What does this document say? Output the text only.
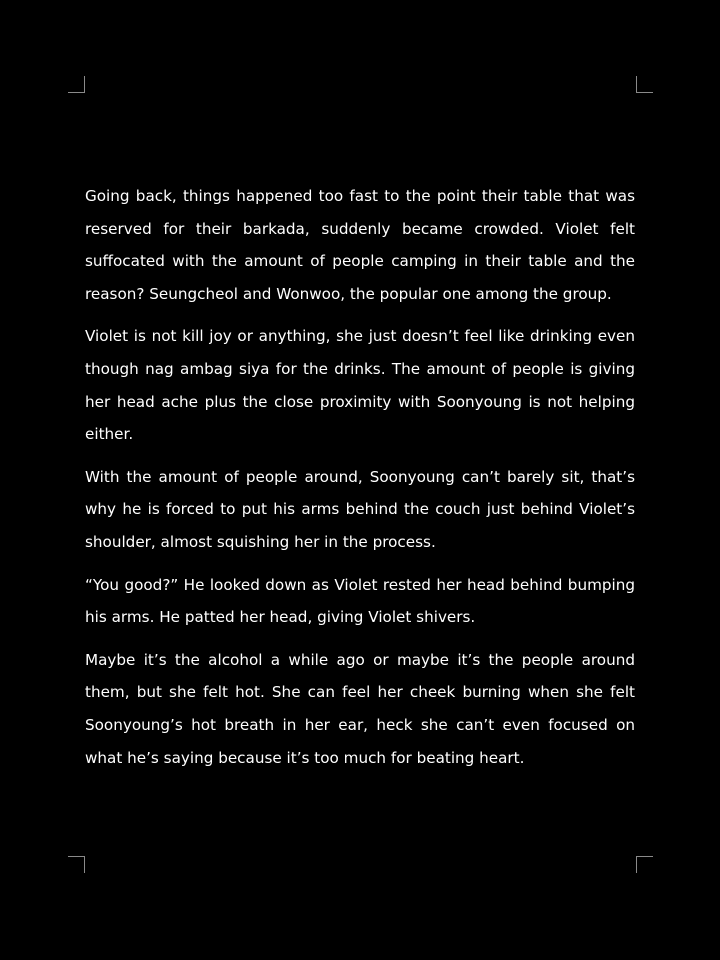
Going back, things happened too fast to the point their table that was reserved for their barkada, suddenly became crowded. Violet felt suffocated with the amount of people camping in their table and the reason? Seungcheol and Wonwoo, the popular one among the group.

Violet is not kill joy or anything, she just doesn’t feel like drinking even though nag ambag siya for the drinks. The amount of people is giving her head ache plus the close proximity with Soonyoung is not helping either.

With the amount of people around, Soonyoung can’t barely sit, that’s why he is forced to put his arms behind the couch just behind Violet’s shoulder, almost squishing her in the process.

“You good?” He looked down as Violet rested her head behind bumping his arms. He patted her head, giving Violet shivers.

Maybe it’s the alcohol a while ago or maybe it’s the people around them, but she felt hot. She can feel her cheek burning when she felt Soonyoung’s hot breath in her ear, heck she can’t even focused on what he’s saying because it’s too much for beating heart.
